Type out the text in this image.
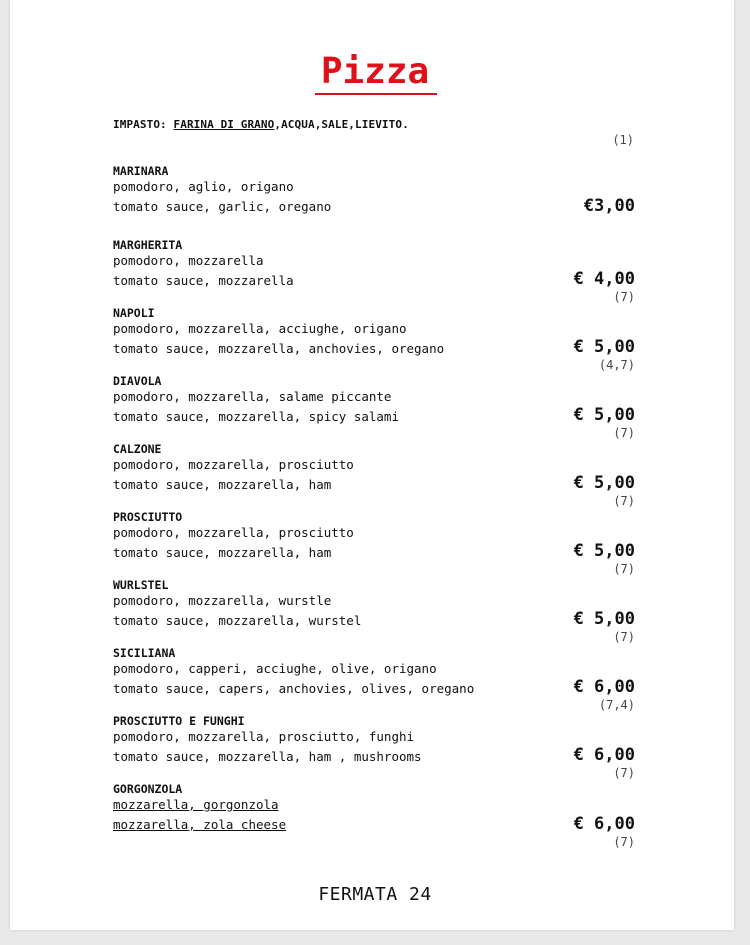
Pizza
IMPASTO: FARINA DI GRANO,ACQUA,SALE,LIEVITO.
(1)
MARINARA
pomodoro, aglio, origano
tomato sauce, garlic, oregano	€3,00
MARGHERITA
pomodoro, mozzarella
tomato sauce, mozzarella	€ 4,00
(7)
NAPOLI
pomodoro, mozzarella, acciughe, origano
tomato sauce, mozzarella, anchovies, oregano	€ 5,00
(4,7)
DIAVOLA
pomodoro, mozzarella, salame piccante
tomato sauce, mozzarella, spicy salami	€ 5,00
(7)
CALZONE
pomodoro, mozzarella, prosciutto
tomato sauce, mozzarella, ham	€ 5,00
(7)
PROSCIUTTO
pomodoro, mozzarella, prosciutto
tomato sauce, mozzarella, ham	€ 5,00
(7)
WURLSTEL
pomodoro, mozzarella, wurstle
tomato sauce, mozzarella, wurstel	€ 5,00
(7)
SICILIANA
pomodoro, capperi, acciughe, olive, origano
tomato sauce, capers, anchovies, olives, oregano	€ 6,00
(7,4)
PROSCIUTTO E FUNGHI
pomodoro, mozzarella, prosciutto, funghi
tomato sauce, mozzarella, ham , mushrooms	€ 6,00
(7)
GORGONZOLA
mozzarella, gorgonzola
mozzarella, zola cheese	€ 6,00
(7)
FERMATA 24
